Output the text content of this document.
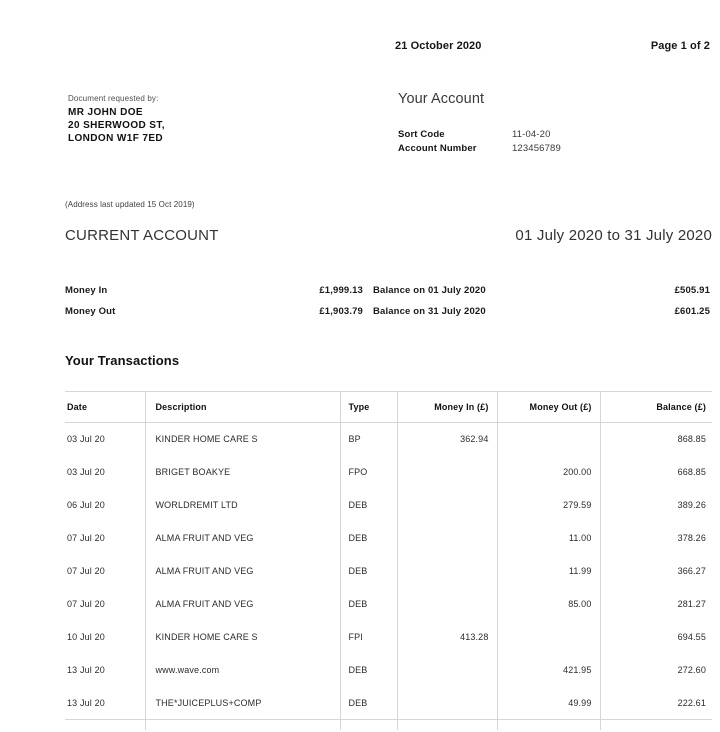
21 October 2020	Page 1 of 2
Document requested by:
MR JOHN DOE
20 SHERWOOD ST,
LONDON W1F 7ED
(Address last updated 15 Oct 2019)
Your Account
Sort Code	11-04-20
Account Number	123456789
CURRENT ACCOUNT	01 July 2020 to 31 July 2020
Money In	£1,999.13 Balance on 01 July 2020	£505.91
Money Out	£1,903.79 Balance on 31 July 2020	£601.25
Your Transactions
Date	Description	Type	Money In (£)	Money Out (£)	Balance (£)
03 Jul 20	KINDER HOME CARE S	BP	362.94		868.85
03 Jul 20	BRIGET BOAKYE	FPO		200.00	668.85
06 Jul 20	WORLDREMIT LTD	DEB		279.59	389.26
07 Jul 20	ALMA FRUIT AND VEG	DEB		11.00	378.26
07 Jul 20	ALMA FRUIT AND VEG	DEB		11.99	366.27
07 Jul 20	ALMA FRUIT AND VEG	DEB		85.00	281.27
10 Jul 20	KINDER HOME CARE S	FPI	413.28		694.55
13 Jul 20	www.wave.com	DEB		421.95	272.60
13 Jul 20	THE*JUICEPLUS+COMP	DEB		49.99	222.61
